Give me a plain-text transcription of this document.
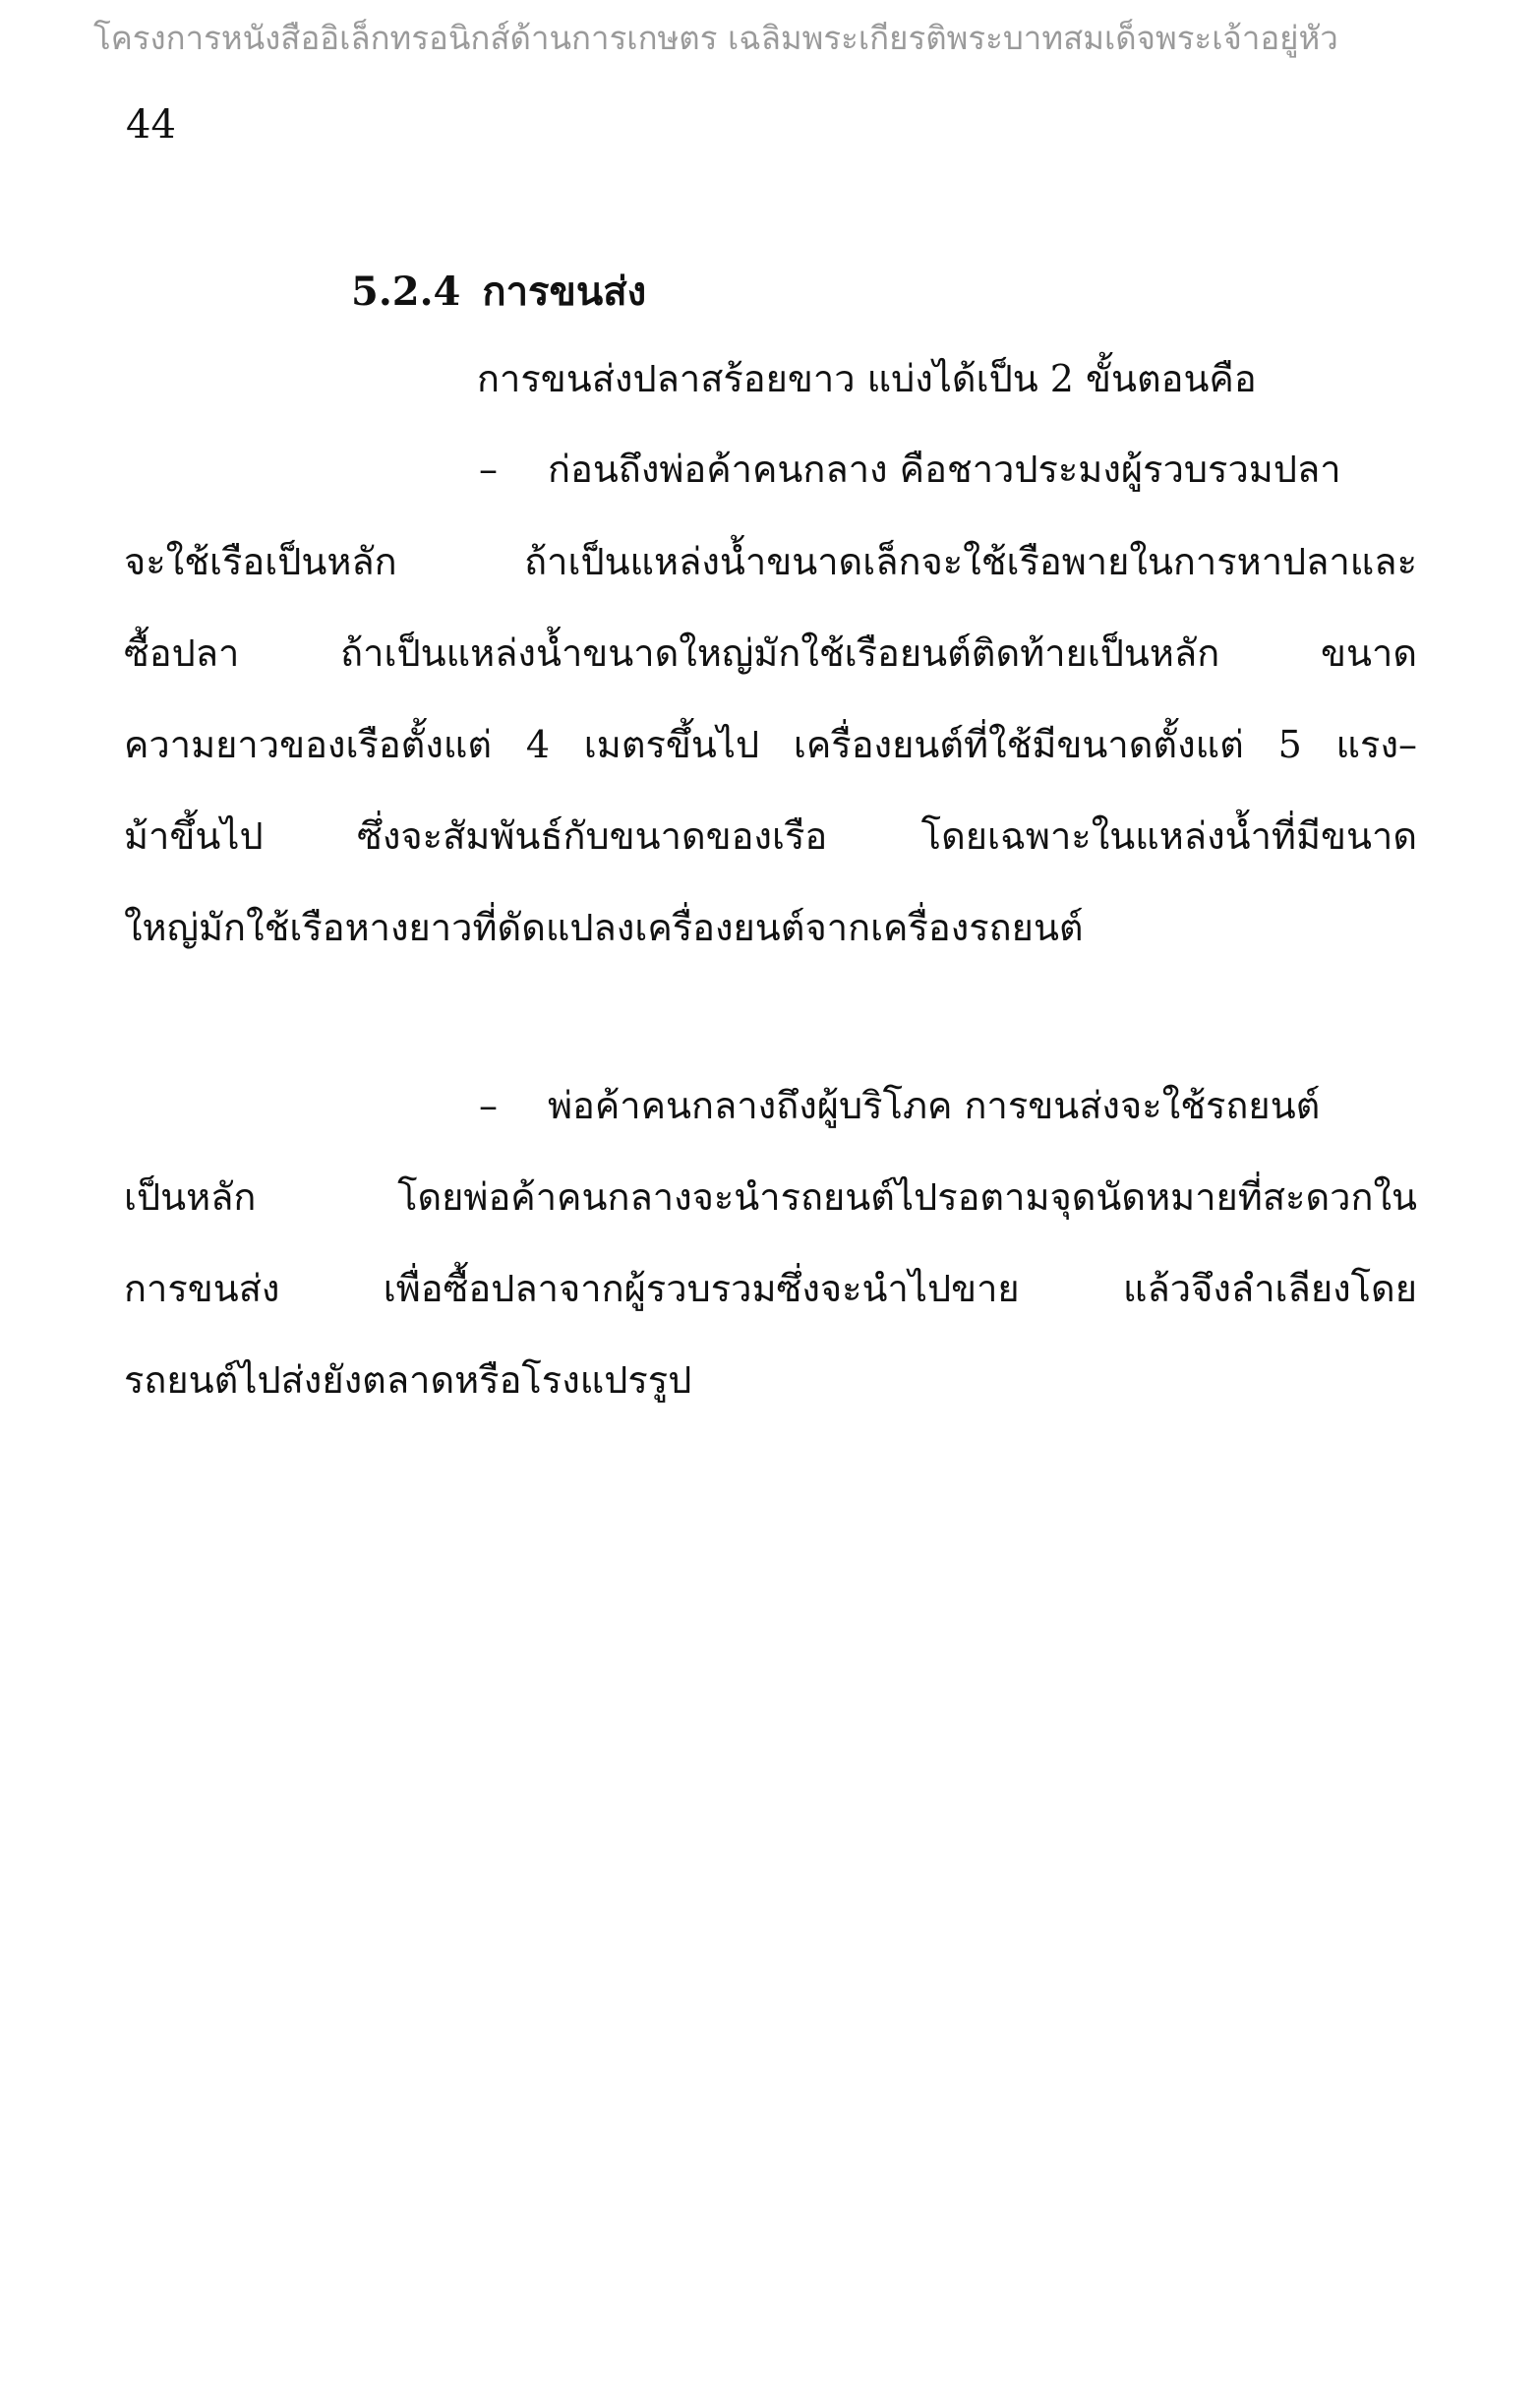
โครงการหนังสืออิเล็กทรอนิกส์ด้านการเกษตร เฉลิมพระเกียรติพระบาทสมเด็จพระเจ้าอยู่หัว
44
5.2.4 การขนส่ง
การขนส่งปลาสร้อยขาว แบ่งได้เป็น 2 ขั้นตอนคือ
– ก่อนถึงพ่อค้าคนกลาง คือชาวประมงผู้รวบรวมปลา
จะใช้เรือเป็นหลัก ถ้าเป็นแหล่งน้ำขนาดเล็กจะใช้เรือพายในการหาปลาและ
ซื้อปลา ถ้าเป็นแหล่งน้ำขนาดใหญ่มักใช้เรือยนต์ติดท้ายเป็นหลัก ขนาด
ความยาวของเรือตั้งแต่ 4 เมตรขึ้นไป เครื่องยนต์ที่ใช้มีขนาดตั้งแต่ 5 แรง–
ม้าขึ้นไป ซึ่งจะสัมพันธ์กับขนาดของเรือ โดยเฉพาะในแหล่งน้ำที่มีขนาด
ใหญ่มักใช้เรือหางยาวที่ดัดแปลงเครื่องยนต์จากเครื่องรถยนต์
– พ่อค้าคนกลางถึงผู้บริโภค การขนส่งจะใช้รถยนต์
เป็นหลัก โดยพ่อค้าคนกลางจะนำรถยนต์ไปรอตามจุดนัดหมายที่สะดวกใน
การขนส่ง เพื่อซื้อปลาจากผู้รวบรวมซึ่งจะนำไปขาย แล้วจึงลำเลียงโดย
รถยนต์ไปส่งยังตลาดหรือโรงแปรรูป
